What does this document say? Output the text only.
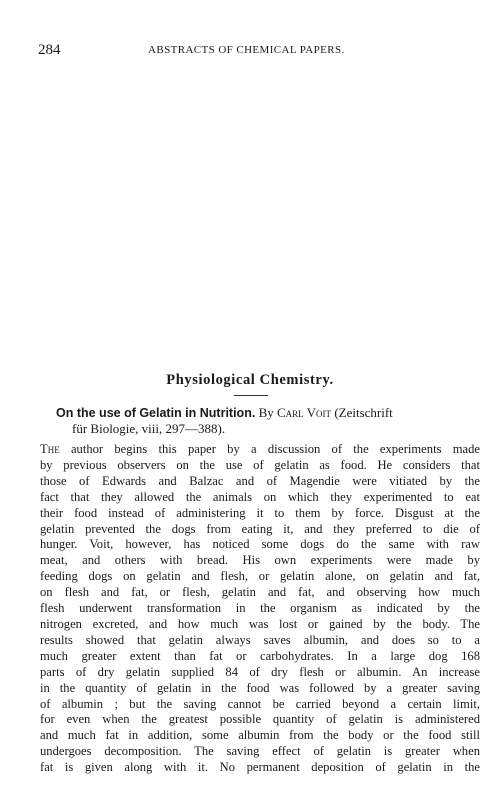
284	ABSTRACTS OF CHEMICAL PAPERS.
Physiological Chemistry.
On the use of Gelatin in Nutrition. By Carl Voit (Zeitschrift
für Biologie, viii, 297—388).
The author begins this paper by a discussion of the experiments made
by previous observers on the use of gelatin as food. He considers that
those of Edwards and Balzac and of Magendie were vitiated by the
fact that they allowed the animals on which they experimented to eat
their food instead of administering it to them by force. Disgust at the
gelatin prevented the dogs from eating it, and they preferred to die of
hunger. Voit, however, has noticed some dogs do the same with raw
meat, and others with bread. His own experiments were made by
feeding dogs on gelatin and flesh, or gelatin alone, on gelatin and fat,
on flesh and fat, or flesh, gelatin and fat, and observing how much
flesh underwent transformation in the organism as indicated by the
nitrogen excreted, and how much was lost or gained by the body. The
results showed that gelatin always saves albumin, and does so to a
much greater extent than fat or carbohydrates. In a large dog 168
parts of dry gelatin supplied 84 of dry flesh or albumin. An increase
in the quantity of gelatin in the food was followed by a greater saving
of albumin ; but the saving cannot be carried beyond a certain limit,
for even when the greatest possible quantity of gelatin is administered
and much fat in addition, some albumin from the body or the food still
undergoes decomposition. The saving effect of gelatin is greater when
fat is given along with it. No permanent deposition of gelatin in the
